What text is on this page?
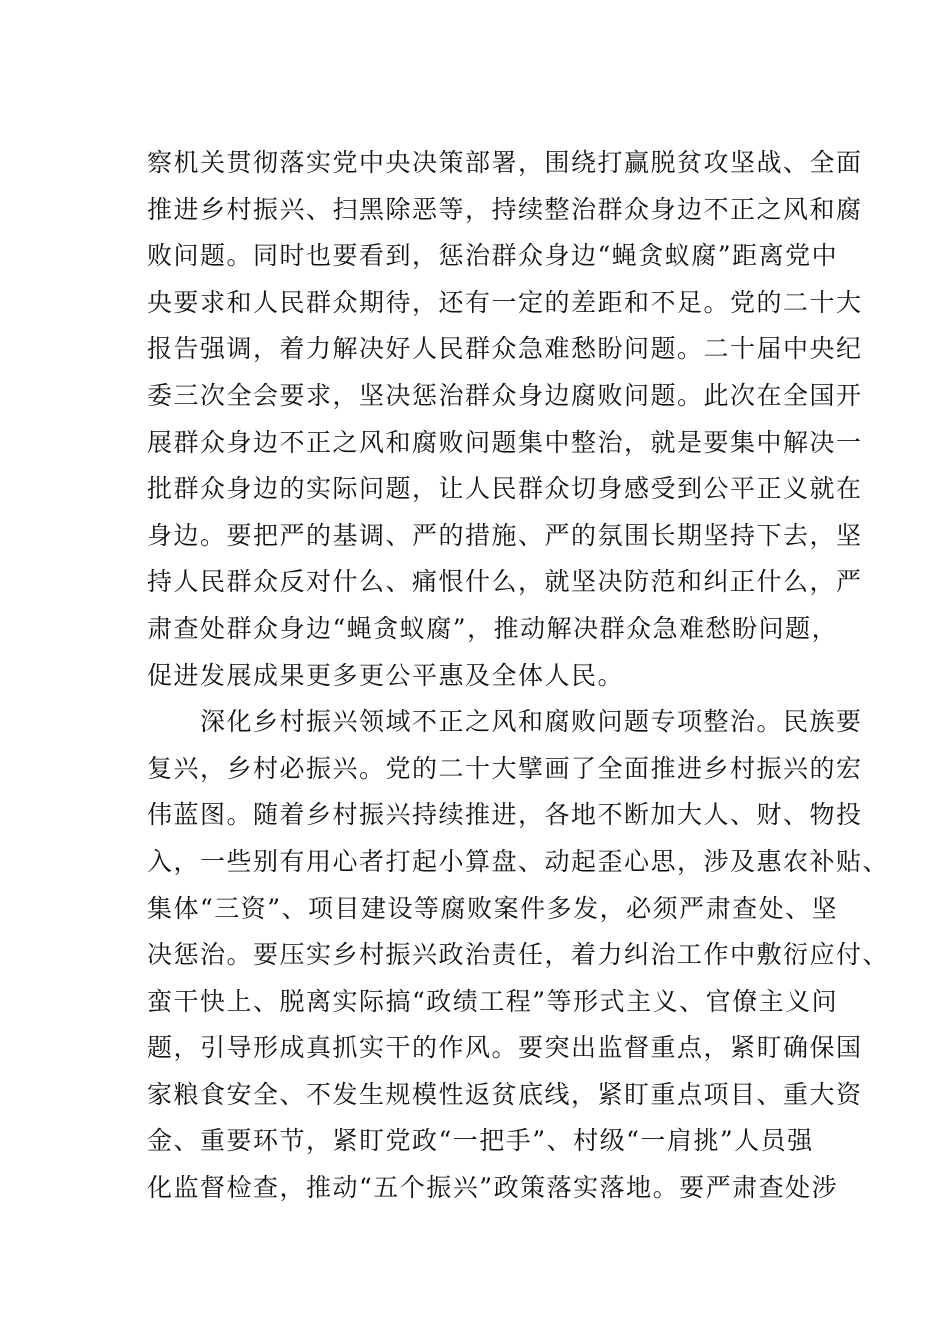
察机关贯彻落实党中央决策部署，围绕打赢脱贫攻坚战、全面
推进乡村振兴、扫黑除恶等，持续整治群众身边不正之风和腐
败问题。同时也要看到，惩治群众身边“蝇贪蚁腐”距离党中
央要求和人民群众期待，还有一定的差距和不足。党的二十大
报告强调，着力解决好人民群众急难愁盼问题。二十届中央纪
委三次全会要求，坚决惩治群众身边腐败问题。此次在全国开
展群众身边不正之风和腐败问题集中整治，就是要集中解决一
批群众身边的实际问题，让人民群众切身感受到公平正义就在
身边。要把严的基调、严的措施、严的氛围长期坚持下去，坚
持人民群众反对什么、痛恨什么，就坚决防范和纠正什么，严
肃查处群众身边“蝇贪蚁腐”，推动解决群众急难愁盼问题，
促进发展成果更多更公平惠及全体人民。
　　深化乡村振兴领域不正之风和腐败问题专项整治。民族要
复兴，乡村必振兴。党的二十大擘画了全面推进乡村振兴的宏
伟蓝图。随着乡村振兴持续推进，各地不断加大人、财、物投
入，一些别有用心者打起小算盘、动起歪心思，涉及惠农补贴、
集体“三资”、项目建设等腐败案件多发，必须严肃查处、坚
决惩治。要压实乡村振兴政治责任，着力纠治工作中敷衍应付、
蛮干快上、脱离实际搞“政绩工程”等形式主义、官僚主义问
题，引导形成真抓实干的作风。要突出监督重点，紧盯确保国
家粮食安全、不发生规模性返贫底线，紧盯重点项目、重大资
金、重要环节，紧盯党政“一把手”、村级“一肩挑”人员强
化监督检查，推动“五个振兴”政策落实落地。要严肃查处涉
